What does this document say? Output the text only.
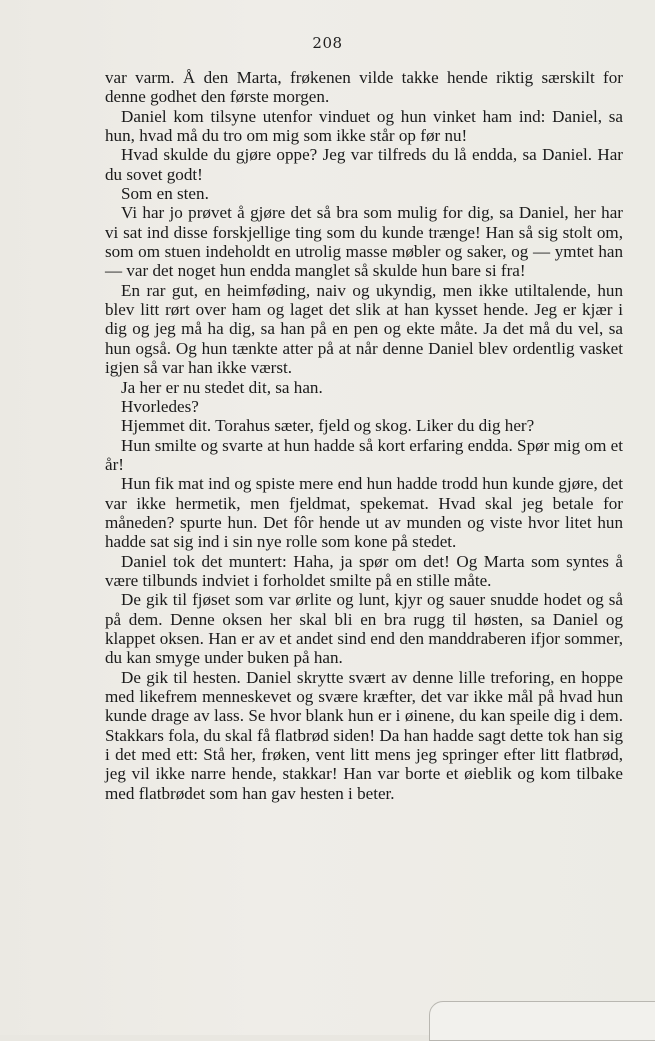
208

var varm. Å den Marta, frøkenen vilde takke hende riktig særskilt for denne godhet den første morgen.

Daniel kom tilsyne utenfor vinduet og hun vinket ham ind: Daniel, sa hun, hvad må du tro om mig som ikke står op før nu!

Hvad skulde du gjøre oppe? Jeg var tilfreds du lå endda, sa Daniel. Har du sovet godt!

Som en sten.

Vi har jo prøvet å gjøre det så bra som mulig for dig, sa Daniel, her har vi sat ind disse forskjellige ting som du kunde trænge! Han så sig stolt om, som om stuen indeholdt en utrolig masse møbler og saker, og — ymtet han — var det noget hun endda manglet så skulde hun bare si fra!

En rar gut, en heimføding, naiv og ukyndig, men ikke utiltalende, hun blev litt rørt over ham og laget det slik at han kysset hende. Jeg er kjær i dig og jeg må ha dig, sa han på en pen og ekte måte. Ja det må du vel, sa hun også. Og hun tænkte atter på at når denne Daniel blev ordentlig vasket igjen så var han ikke værst.

Ja her er nu stedet dit, sa han.

Hvorledes?

Hjemmet dit. Torahus sæter, fjeld og skog. Liker du dig her?

Hun smilte og svarte at hun hadde så kort erfaring endda. Spør mig om et år!

Hun fik mat ind og spiste mere end hun hadde trodd hun kunde gjøre, det var ikke hermetik, men fjeldmat, spekemat. Hvad skal jeg betale for måneden? spurte hun. Det fôr hende ut av munden og viste hvor litet hun hadde sat sig ind i sin nye rolle som kone på stedet.

Daniel tok det muntert: Haha, ja spør om det! Og Marta som syntes å være tilbunds indviet i forholdet smilte på en stille måte.

De gik til fjøset som var ørlite og lunt, kjyr og sauer snudde hodet og så på dem. Denne oksen her skal bli en bra rugg til høsten, sa Daniel og klappet oksen. Han er av et andet sind end den manddraberen ifjor sommer, du kan smyge under buken på han.

De gik til hesten. Daniel skrytte svært av denne lille treforing, en hoppe med likefrem menneskevet og svære kræfter, det var ikke mål på hvad hun kunde drage av lass. Se hvor blank hun er i øinene, du kan speile dig i dem. Stakkars fola, du skal få flatbrød siden! Da han hadde sagt dette tok han sig i det med ett: Stå her, frøken, vent litt mens jeg springer efter litt flatbrød, jeg vil ikke narre hende, stakkar! Han var borte et øieblik og kom tilbake med flatbrødet som han gav hesten i beter.
